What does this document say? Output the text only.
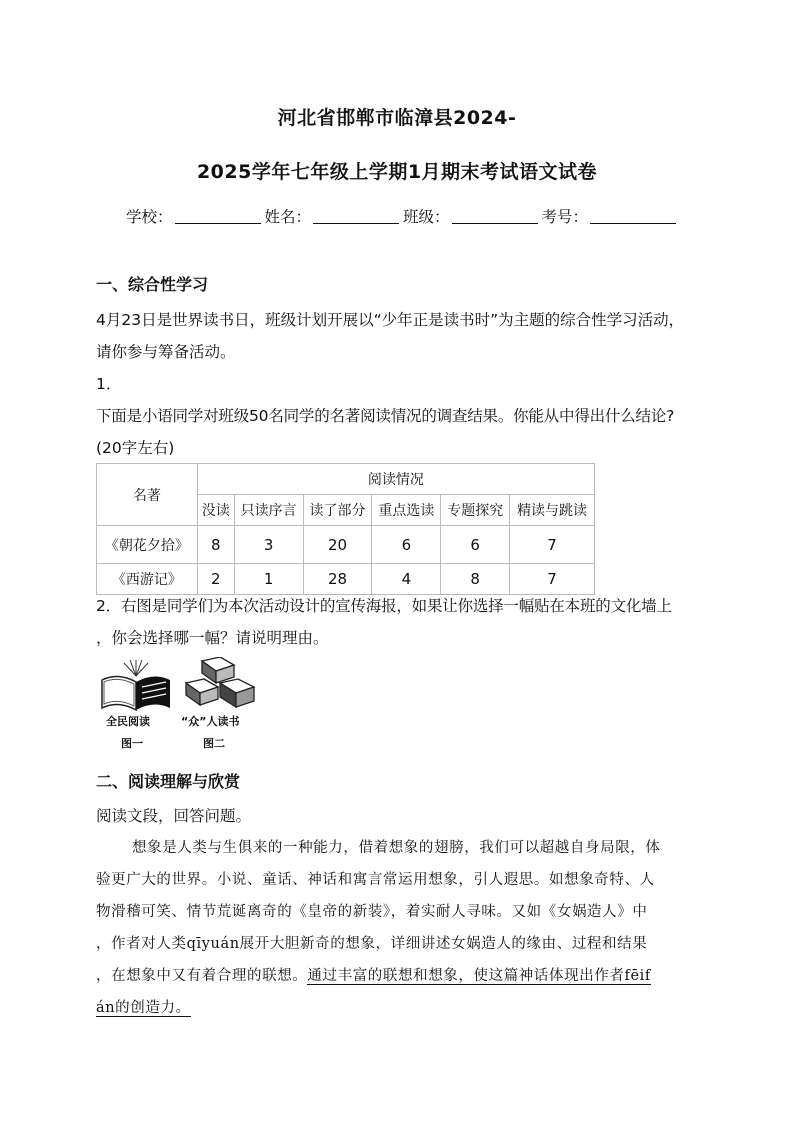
河北省邯郸市临漳县2024-
2025学年七年级上学期1月期末考试语文试卷
学校：	姓名：	班级：	考号：
一、综合性学习
4月23日是世界读书日，班级计划开展以“少年正是读书时”为主题的综合性学习活动，
请你参与筹备活动。
1．
下面是小语同学对班级50名同学的名著阅读情况的调查结果。你能从中得出什么结论?
(20字左右)
名著	阅读情况					
	没读	只读序言	读了部分	重点选读	专题探究	精读与跳读
《朝花夕拾》	8	3	20	6	6	7
《西游记》	2	1	28	4	8	7
2．右图是同学们为本次活动设计的宣传海报，如果让你选择一幅贴在本班的文化墙上
，你会选择哪一幅？请说明理由。
全民阅读
图一
“众”人读书
图二
二、阅读理解与欣赏
阅读文段，回答问题。
想象是人类与生俱来的一种能力，借着想象的翅膀，我们可以超越自身局限，体
验更广大的世界。小说、童话、神话和寓言常运用想象，引人遐思。如想象奇特、人
物滑稽可笑、情节荒诞离奇的《皇帝的新装》，着实耐人寻味。又如《女娲造人》中
，作者对人类qīyuán展开大胆新奇的想象，详细讲述女娲造人的缘由、过程和结果
，在想象中又有着合理的联想。通过丰富的联想和想象，使这篇神话体现出作者fēif
án的创造力。
